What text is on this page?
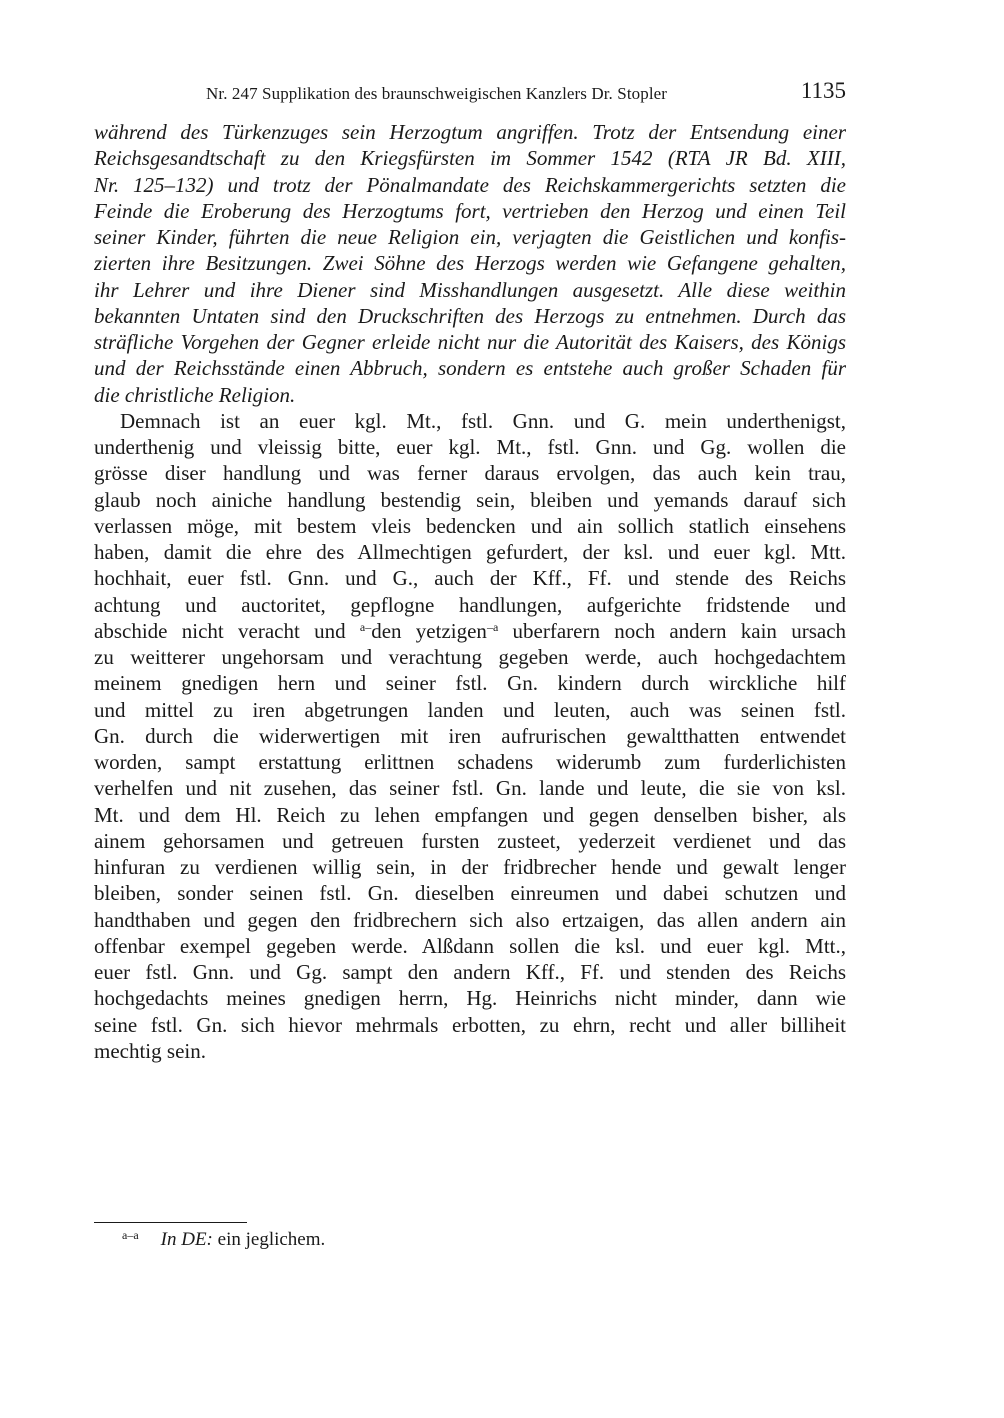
Nr. 247 Supplikation des braunschweigischen Kanzlers Dr. Stopler	1135
während des Türkenzuges sein Herzogtum angriffen. Trotz der Entsendung einer
Reichsgesandtschaft zu den Kriegsfürsten im Sommer 1542 (RTA JR Bd. XIII,
Nr. 125–132) und trotz der Pönalmandate des Reichskammergerichts setzten die
Feinde die Eroberung des Herzogtums fort, vertrieben den Herzog und einen Teil
seiner Kinder, führten die neue Religion ein, verjagten die Geistlichen und konfis-
zierten ihre Besitzungen. Zwei Söhne des Herzogs werden wie Gefangene gehalten,
ihr Lehrer und ihre Diener sind Misshandlungen ausgesetzt. Alle diese weithin
bekannten Untaten sind den Druckschriften des Herzogs zu entnehmen. Durch das
sträfliche Vorgehen der Gegner erleide nicht nur die Autorität des Kaisers, des Königs
und der Reichsstände einen Abbruch, sondern es entstehe auch großer Schaden für
die christliche Religion.
Demnach ist an euer kgl. Mt., fstl. Gnn. und G. mein underthenigst,
underthenig und vleissig bitte, euer kgl. Mt., fstl. Gnn. und Gg. wollen die
grösse diser handlung und was ferner daraus ervolgen, das auch kein trau,
glaub noch ainiche handlung bestendig sein, bleiben und yemands darauf sich
verlassen möge, mit bestem vleis bedencken und ain sollich statlich einsehens
haben, damit die ehre des Allmechtigen gefurdert, der ksl. und euer kgl. Mtt.
hochhait, euer fstl. Gnn. und G., auch der Kff., Ff. und stende des Reichs
achtung und auctoritet, gepflogne handlungen, aufgerichte fridstende und
abschide nicht veracht und $^{a-}$den yetzigen$^{-a}$ uberfarern noch andern kain ursach
zu weitterer ungehorsam und verachtung gegeben werde, auch hochgedachtem
meinem gnedigen hern und seiner fstl. Gn. kindern durch wirckliche hilf
und mittel zu iren abgetrungen landen und leuten, auch was seinen fstl.
Gn. durch die widerwertigen mit iren aufrurischen gewaltthatten entwendet
worden, sampt erstattung erlittnen schadens widerumb zum furderlichisten
verhelfen und nit zusehen, das seiner fstl. Gn. lande und leute, die sie von ksl.
Mt. und dem Hl. Reich zu lehen empfangen und gegen denselben bisher, als
ainem gehorsamen und getreuen fursten zusteet, yederzeit verdienet und das
hinfuran zu verdienen willig sein, in der fridbrecher hende und gewalt lenger
bleiben, sonder seinen fstl. Gn. dieselben einreumen und dabei schutzen und
handthaben und gegen den fridbrechern sich also ertzaigen, das allen andern ain
offenbar exempel gegeben werde. Alßdann sollen die ksl. und euer kgl. Mtt.,
euer fstl. Gnn. und Gg. sampt den andern Kff., Ff. und stenden des Reichs
hochgedachts meines gnedigen herrn, Hg. Heinrichs nicht minder, dann wie
seine fstl. Gn. sich hievor mehrmals erbotten, zu ehrn, recht und aller billiheit
mechtig sein.
$^{a-a}$ In DE: ein jeglichem.
